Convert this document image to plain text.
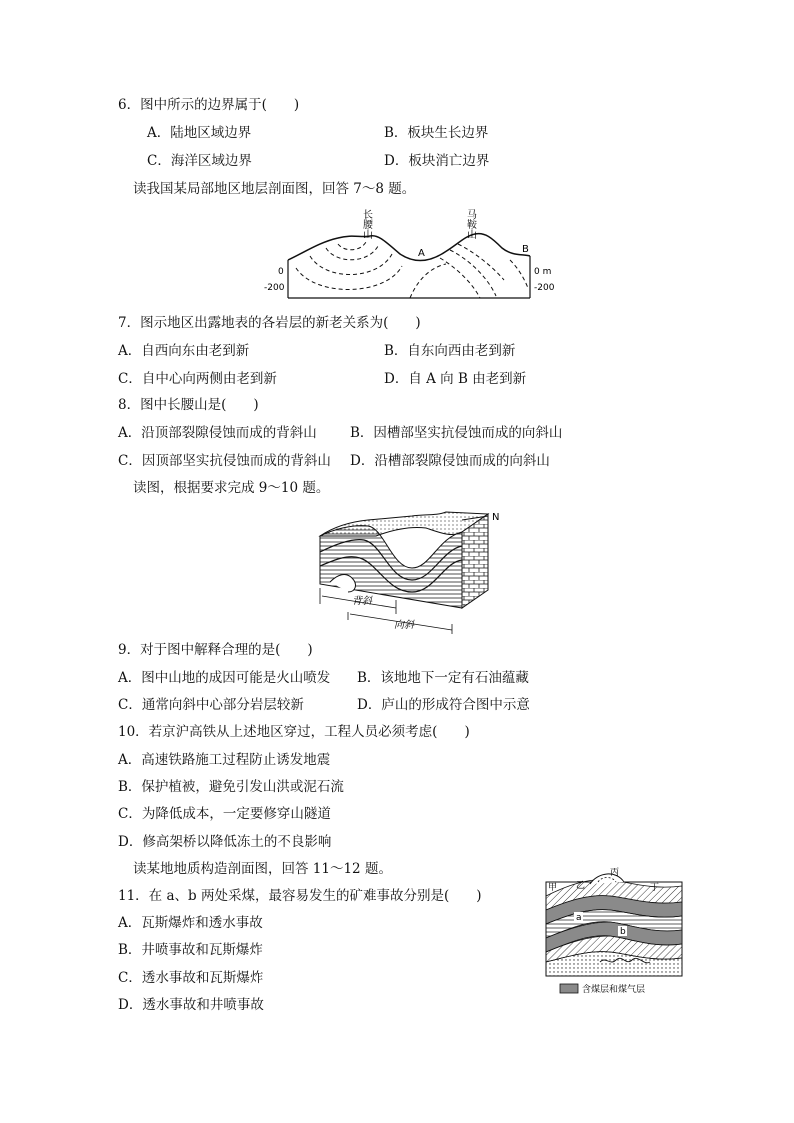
6．图中所示的边界属于(　　)
A．陆地区域边界	B．板块生长边界
C．海洋区域边界	D．板块消亡边界
读我国某局部地区地层剖面图，回答 7～8 题。
长
腰
山
马
鞍
山
A	B
0
-200
0 m
-200
7．图示地区出露地表的各岩层的新老关系为(　　)
A．自西向东由老到新	B．自东向西由老到新
C．自中心向两侧由老到新	D．自 A 向 B 由老到新
8．图中长腰山是(　　)
A．沿顶部裂隙侵蚀而成的背斜山 B．因槽部坚实抗侵蚀而成的向斜山
C．因顶部坚实抗侵蚀而成的背斜山 D．沿槽部裂隙侵蚀而成的向斜山
读图，根据要求完成 9～10 题。
N
背斜
向斜
9．对于图中解释合理的是(　　)
A．图中山地的成因可能是火山喷发 B．该地地下一定有石油蕴藏
C．通常向斜中心部分岩层较新	D．庐山的形成符合图中示意
10．若京沪高铁从上述地区穿过，工程人员必须考虑(　　)
A．高速铁路施工过程防止诱发地震
B．保护植被，避免引发山洪或泥石流
C．为降低成本，一定要修穿山隧道
D．修高架桥以降低冻土的不良影响
读某地地质构造剖面图，回答 11～12 题。
11．在 a、b 两处采煤，最容易发生的矿难事故分别是(　　)
A．瓦斯爆炸和透水事故
B．井喷事故和瓦斯爆炸
C．透水事故和瓦斯爆炸
D．透水事故和井喷事故
甲 乙
丙
丁
a
b
含煤层和煤气层
